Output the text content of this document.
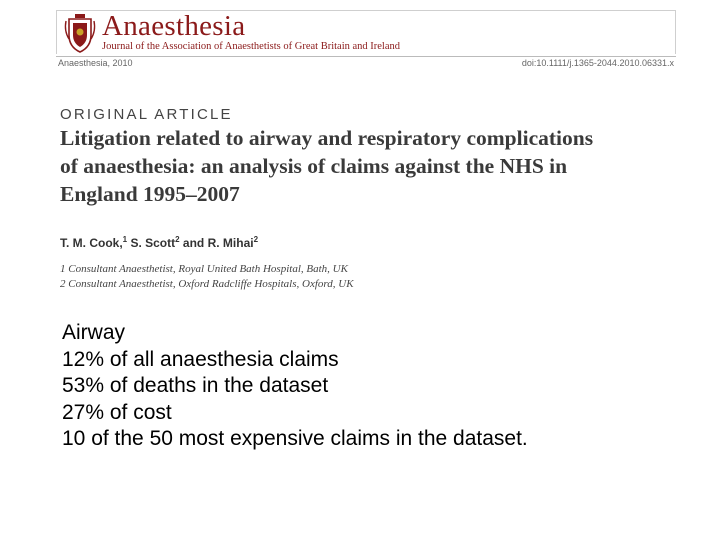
Anaesthesia
Journal of the Association of Anaesthetists of Great Britain and Ireland
Anaesthesia, 2010	doi:10.1111/j.1365-2044.2010.06331.x
ORIGINAL ARTICLE
Litigation related to airway and respiratory complications
of anaesthesia: an analysis of claims against the NHS in
England 1995–2007
T. M. Cook,$^1$ S. Scott$^2$ and R. Mihai$^2$
1 Consultant Anaesthetist, Royal United Bath Hospital, Bath, UK
2 Consultant Anaesthetist, Oxford Radcliffe Hospitals, Oxford, UK
Airway
12% of all anaesthesia claims
53% of deaths in the dataset
27% of cost
10 of the 50 most expensive claims in the dataset.
